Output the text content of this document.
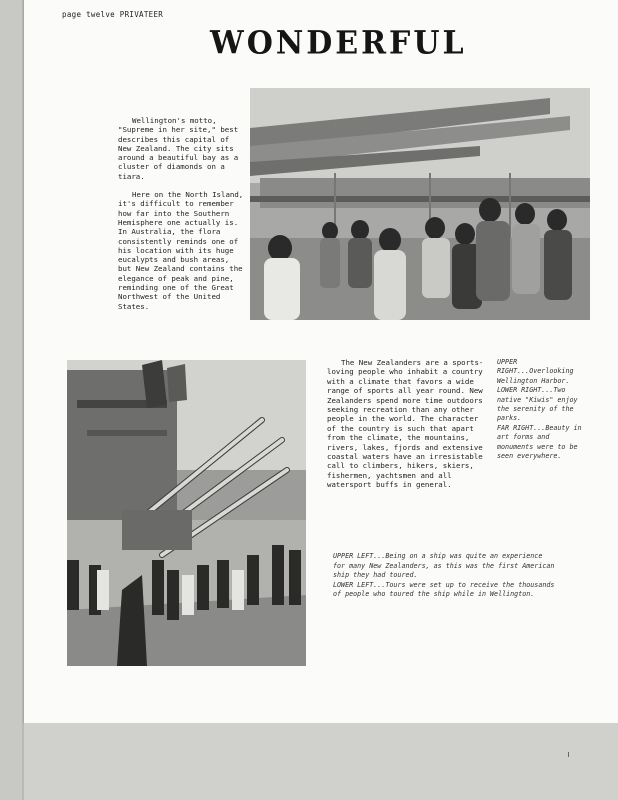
page twelve PRIVATEER
WONDERFUL

Wellington's motto, "Supreme in her site," best describes this capital of New Zealand. The city sits around a beautiful bay as a cluster of diamonds on a tiara.

Here on the North Island, it's difficult to remember how far into the Southern Hemisphere one actually is. In Australia, the flora consistently reminds one of his location with its huge eucalypts and bush areas, but New Zealand contains the elegance of peak and pine, reminding one of the Great Northwest of the United States.

The New Zealanders are a sports-loving people who inhabit a country with a climate that favors a wide range of sports all year round. New Zealanders spend more time outdoors seeking recreation than any other people in the world. The character of the country is such that apart from the climate, the mountains, rivers, lakes, fjords and extensive coastal waters have an irresistable call to climbers, hikers, skiers, fishermen, yachtsmen and all watersport buffs in general.
UPPER RIGHT...Overlooking Wellington Harbor.
LOWER RIGHT...Two native "Kiwis" enjoy the serenity of the parks.
FAR RIGHT...Beauty in art forms and monuments were to be seen everywhere.
UPPER LEFT...Being on a ship was quite an experience for many New Zealanders, as this was the first American ship they had toured.
LOWER LEFT...Tours were set up to receive the thousands of people who toured the ship while in Wellington.
